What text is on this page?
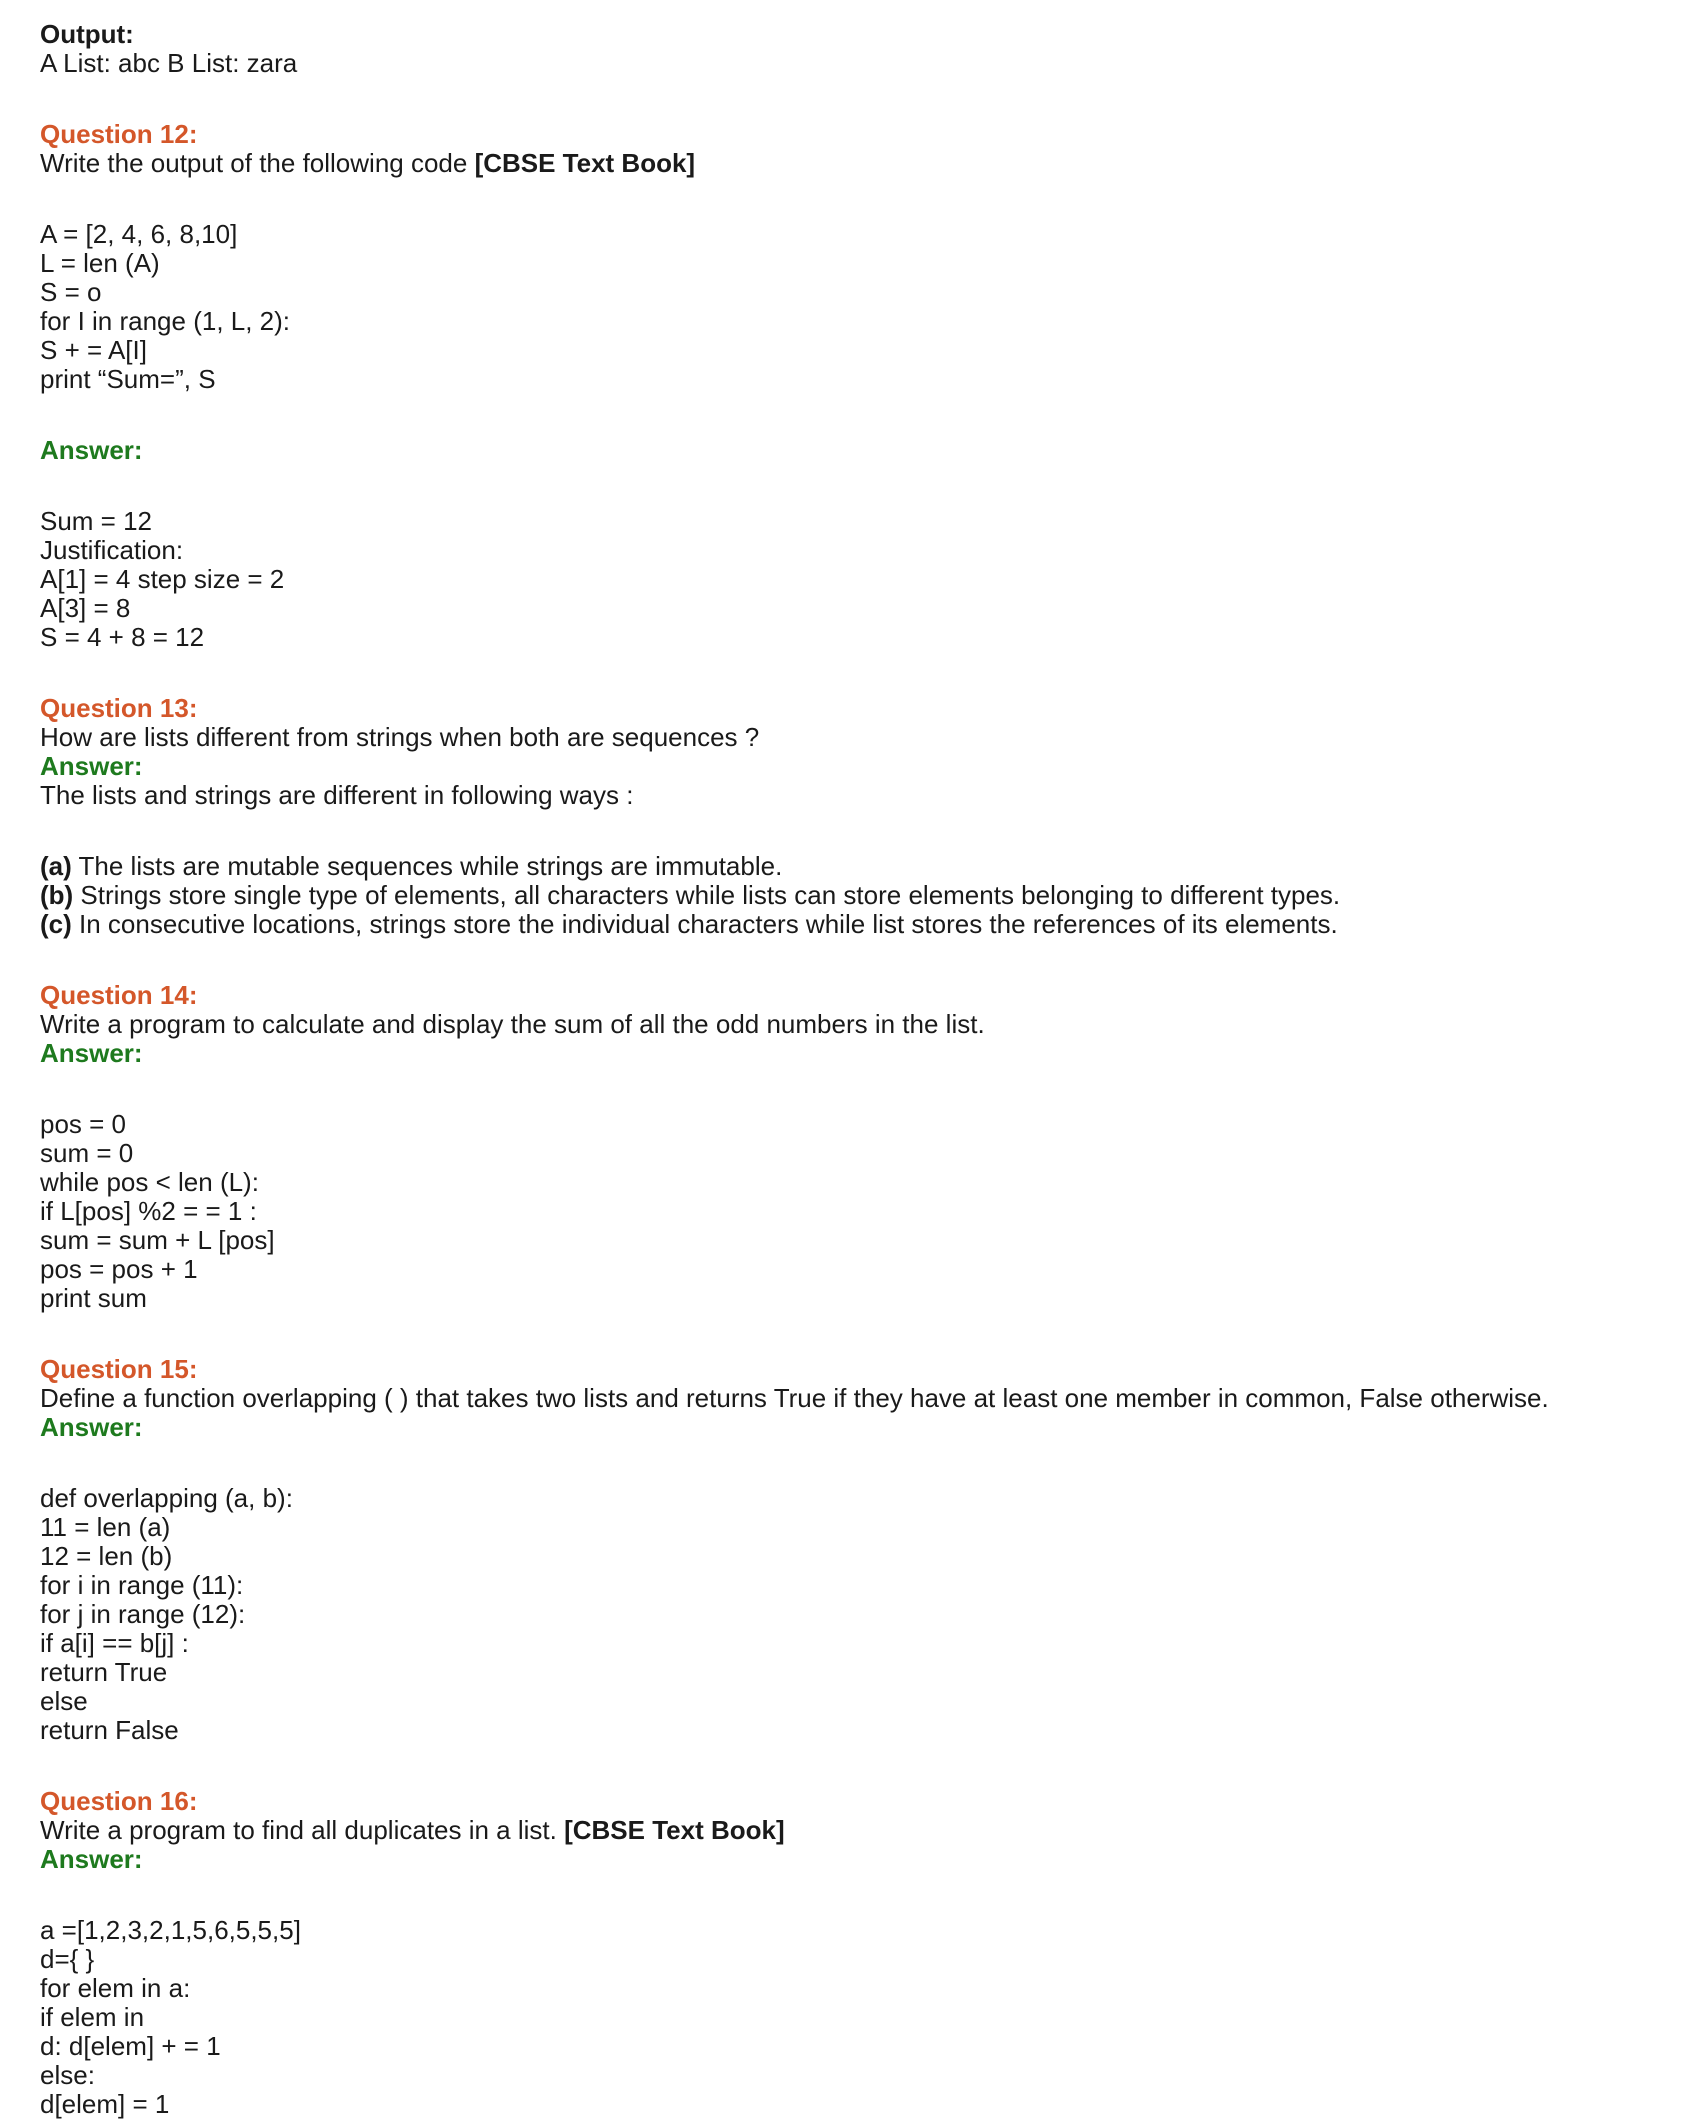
Output:
A List: abc B List: zara
Question 12:
Write the output of the following code [CBSE Text Book]
A = [2, 4, 6, 8,10]
L = len (A)
S = o
for I in range (1, L, 2):
S + = A[I]
print “Sum=”, S
Answer:
Sum = 12
Justification:
A[1] = 4 step size = 2
A[3] = 8
S = 4 + 8 = 12
Question 13:
How are lists different from strings when both are sequences ?
Answer:
The lists and strings are different in following ways :
(a) The lists are mutable sequences while strings are immutable.
(b) Strings store single type of elements, all characters while lists can store elements belonging to different types.
(c) In consecutive locations, strings store the individual characters while list stores the references of its elements.
Question 14:
Write a program to calculate and display the sum of all the odd numbers in the list.
Answer:
pos = 0
sum = 0
while pos < len (L):
if L[pos] %2 = = 1 :
sum = sum + L [pos]
pos = pos + 1
print sum
Question 15:
Define a function overlapping ( ) that takes two lists and returns True if they have at least one member in common, False otherwise.
Answer:
def overlapping (a, b):
11 = len (a)
12 = len (b)
for i in range (11):
for j in range (12):
if a[i] == b[j] :
return True
else
return False
Question 16:
Write a program to find all duplicates in a list. [CBSE Text Book]
Answer:
a =[1,2,3,2,1,5,6,5,5,5]
d={ }
for elem in a:
if elem in
d: d[elem] + = 1
else:
d[elem] = 1
